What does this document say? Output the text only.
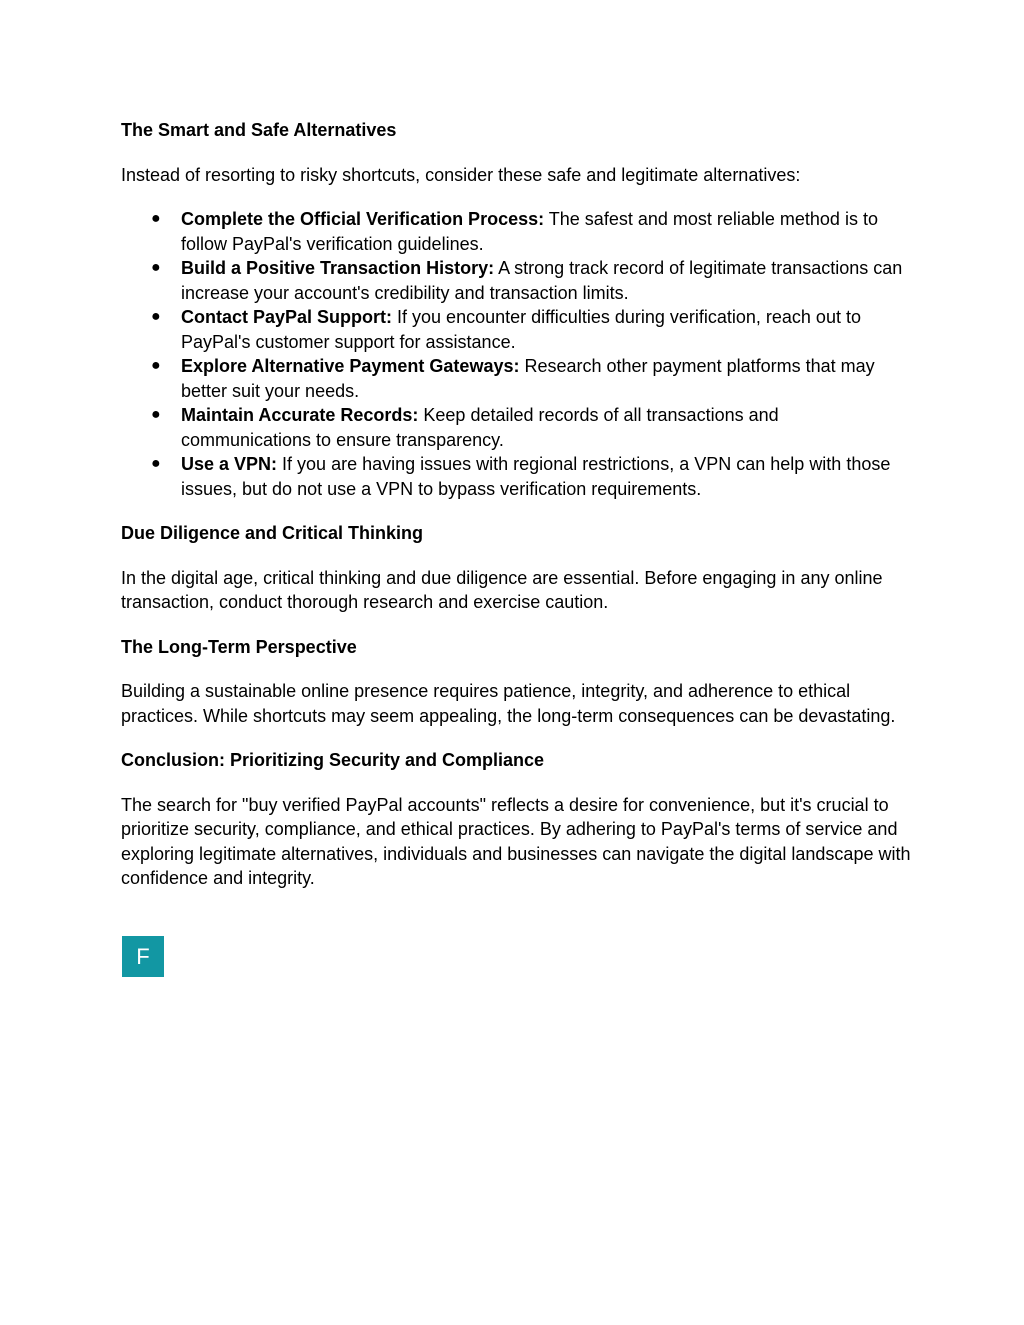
The Smart and Safe Alternatives
Instead of resorting to risky shortcuts, consider these safe and legitimate alternatives:
● Complete the Official Verification Process: The safest and most reliable method is to follow PayPal's verification guidelines.
● Build a Positive Transaction History: A strong track record of legitimate transactions can increase your account's credibility and transaction limits.
● Contact PayPal Support: If you encounter difficulties during verification, reach out to PayPal's customer support for assistance.
● Explore Alternative Payment Gateways: Research other payment platforms that may better suit your needs.
● Maintain Accurate Records: Keep detailed records of all transactions and communications to ensure transparency.
● Use a VPN: If you are having issues with regional restrictions, a VPN can help with those issues, but do not use a VPN to bypass verification requirements.
Due Diligence and Critical Thinking
In the digital age, critical thinking and due diligence are essential. Before engaging in any online transaction, conduct thorough research and exercise caution.
The Long-Term Perspective
Building a sustainable online presence requires patience, integrity, and adherence to ethical practices. While shortcuts may seem appealing, the long-term consequences can be devastating.
Conclusion: Prioritizing Security and Compliance
The search for "buy verified PayPal accounts" reflects a desire for convenience, but it's crucial to prioritize security, compliance, and ethical practices. By adhering to PayPal's terms of service and exploring legitimate alternatives, individuals and businesses can navigate the digital landscape with confidence and integrity.
F
